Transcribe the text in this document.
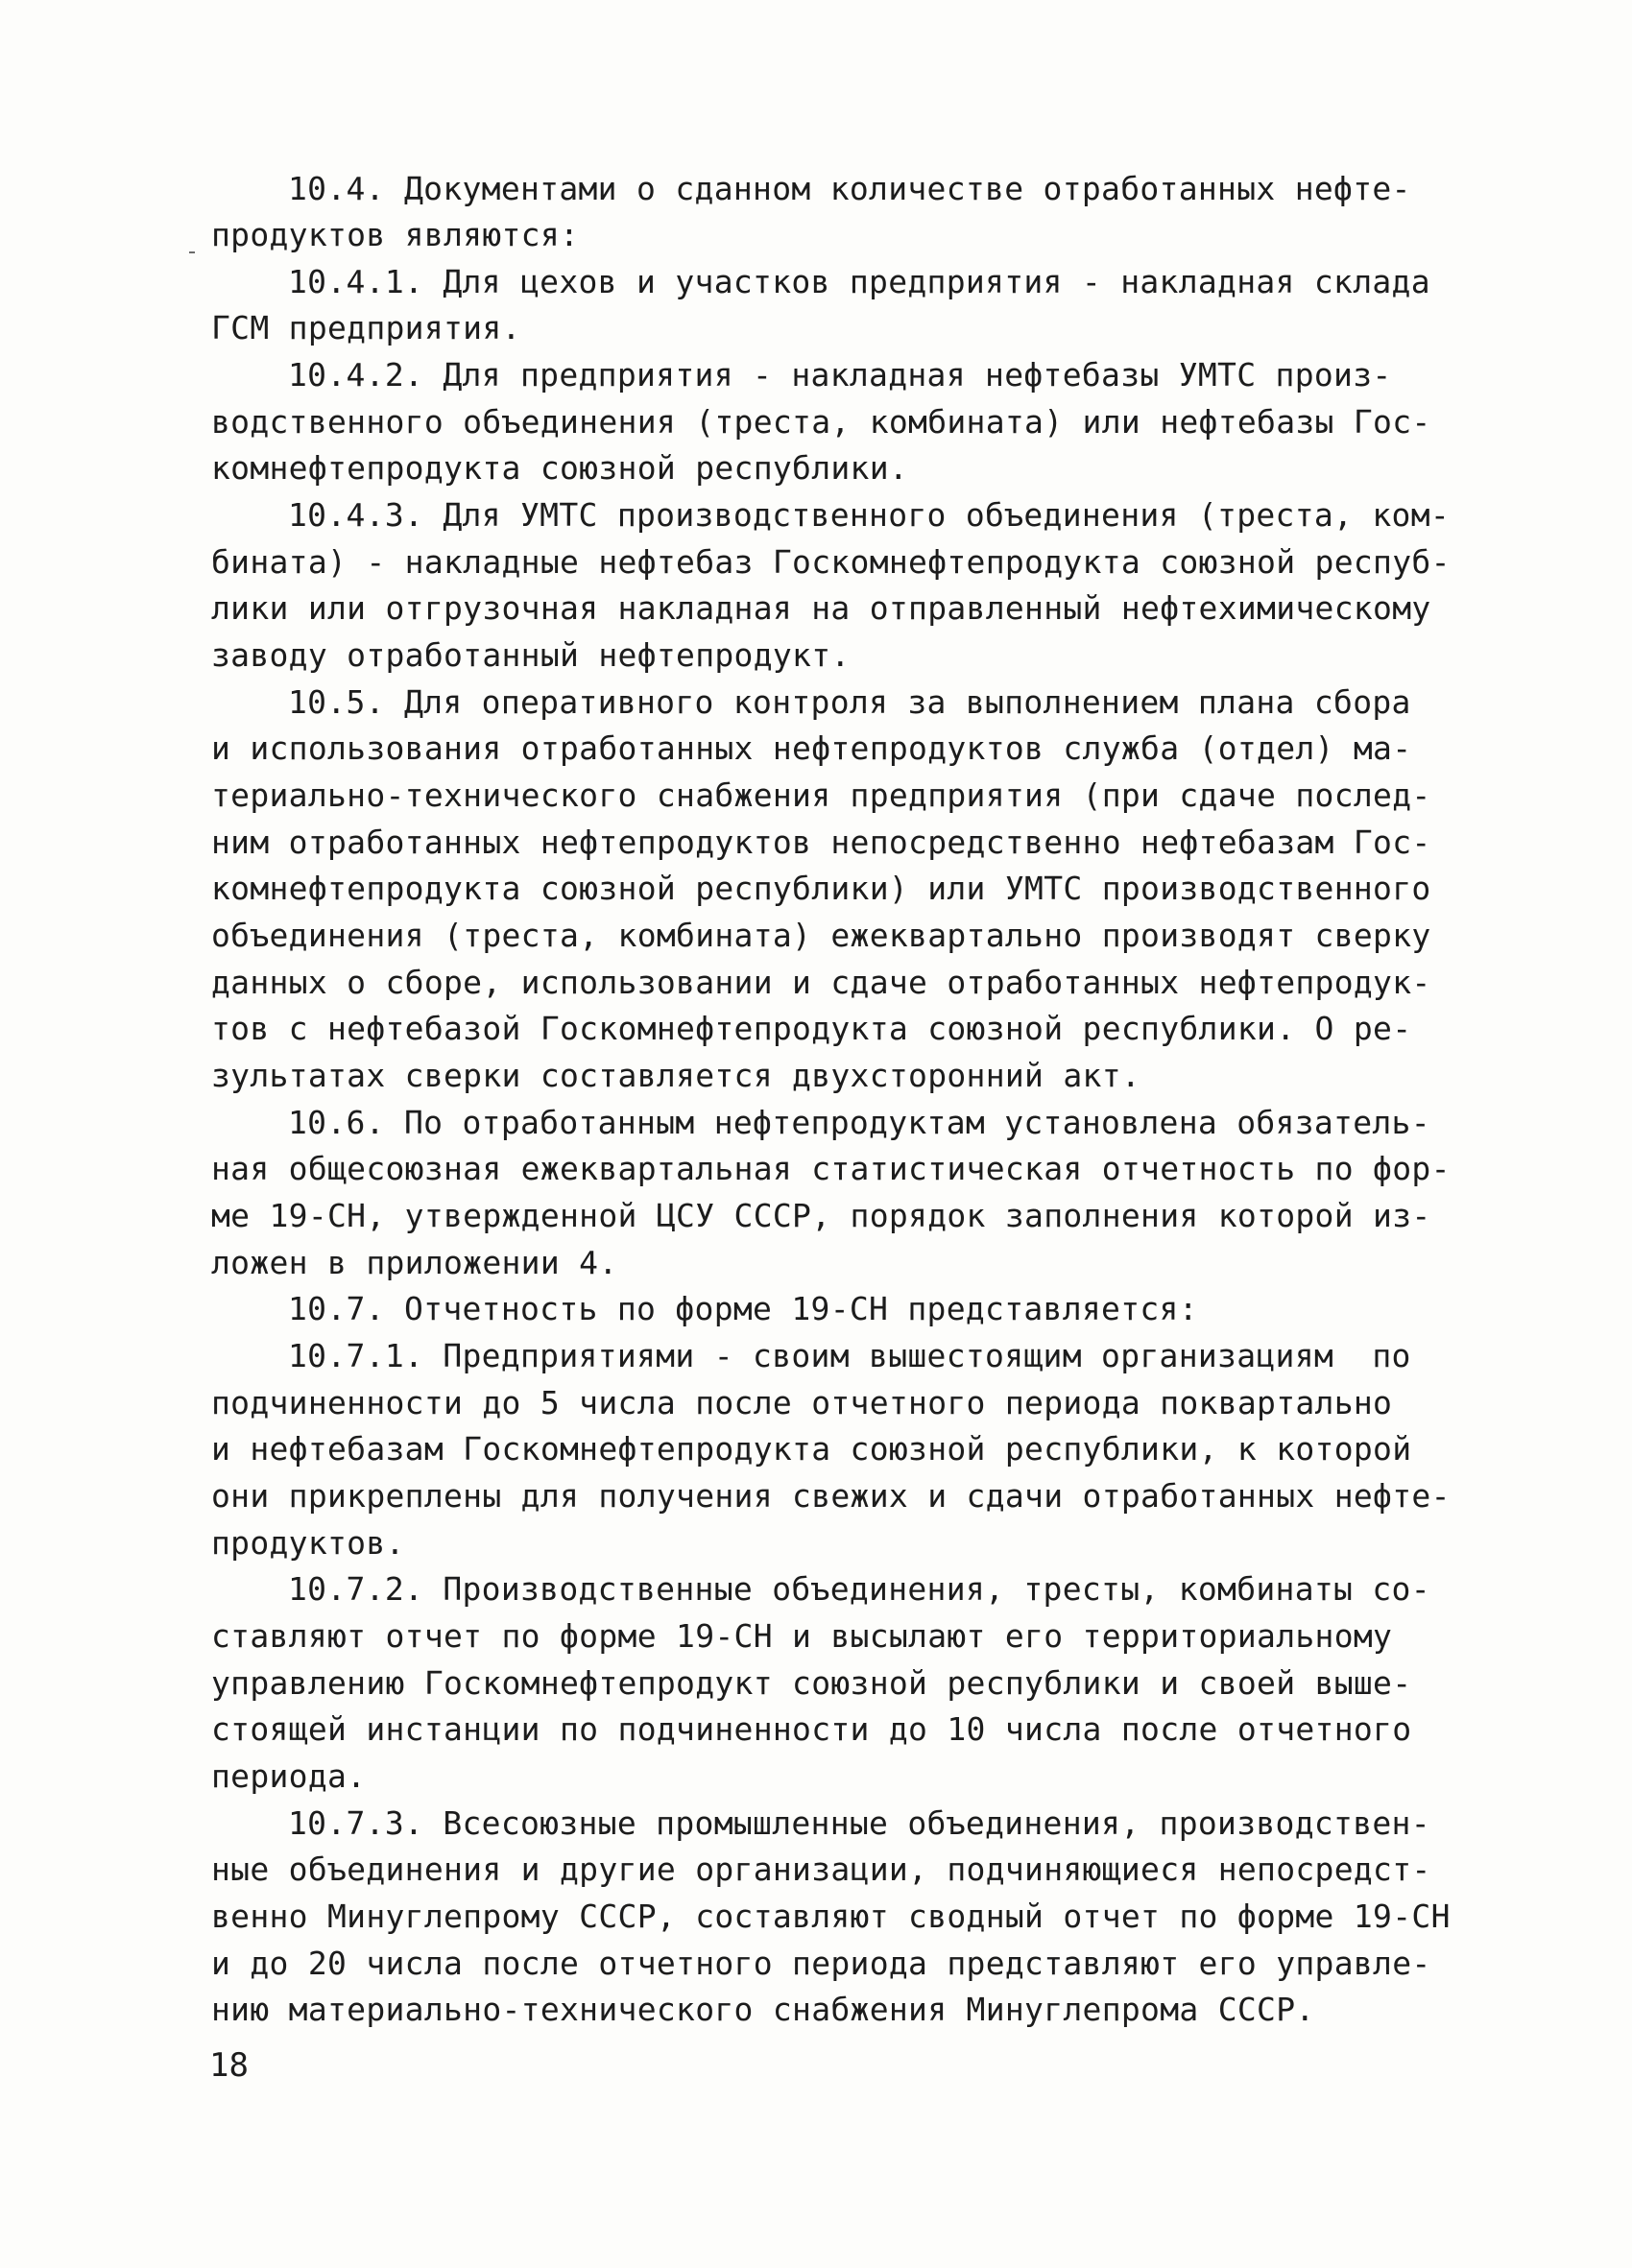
10.4. Документами о сданном количестве отработанных нефте-
продуктов являются:
10.4.1. Для цехов и участков предприятия - накладная склада
ГСМ предприятия.
10.4.2. Для предприятия - накладная нефтебазы УМТС произ-
водственного объединения (треста, комбината) или нефтебазы Гос-
комнефтепродукта союзной республики.
10.4.3. Для УМТС производственного объединения (треста, ком-
бината) - накладные нефтебаз Госкомнефтепродукта союзной респуб-
лики или отгрузочная накладная на отправленный нефтехимическому
заводу отработанный нефтепродукт.
10.5. Для оперативного контроля за выполнением плана сбора
и использования отработанных нефтепродуктов служба (отдел) ма-
териально-технического снабжения предприятия (при сдаче послед-
ним отработанных нефтепродуктов непосредственно нефтебазам Гос-
комнефтепродукта союзной республики) или УМТС производственного
объединения (треста, комбината) ежеквартально производят сверку
данных о сборе, использовании и сдаче отработанных нефтепродук-
тов с нефтебазой Госкомнефтепродукта союзной республики. О ре-
зультатах сверки составляется двухсторонний акт.
10.6. По отработанным нефтепродуктам установлена обязатель-
ная общесоюзная ежеквартальная статистическая отчетность по фор-
ме 19-СН, утвержденной ЦСУ СССР, порядок заполнения которой из-
ложен в приложении 4.
10.7. Отчетность по форме 19-СН представляется:
10.7.1. Предприятиями - своим вышестоящим организациям  по
подчиненности до 5 числа после отчетного периода поквартально
и нефтебазам Госкомнефтепродукта союзной республики, к которой
они прикреплены для получения свежих и сдачи отработанных нефте-
продуктов.
10.7.2. Производственные объединения, тресты, комбинаты со-
ставляют отчет по форме 19-СН и высылают его территориальному
управлению Госкомнефтепродукт союзной республики и своей выше-
стоящей инстанции по подчиненности до 10 числа после отчетного
периода.
10.7.3. Всесоюзные промышленные объединения, производствен-
ные объединения и другие организации, подчиняющиеся непосредст-
венно Минуглепрому СССР, составляют сводный отчет по форме 19-СН
и до 20 числа после отчетного периода представляют его управле-
нию материально-технического снабжения Минуглепрома СССР.
18
